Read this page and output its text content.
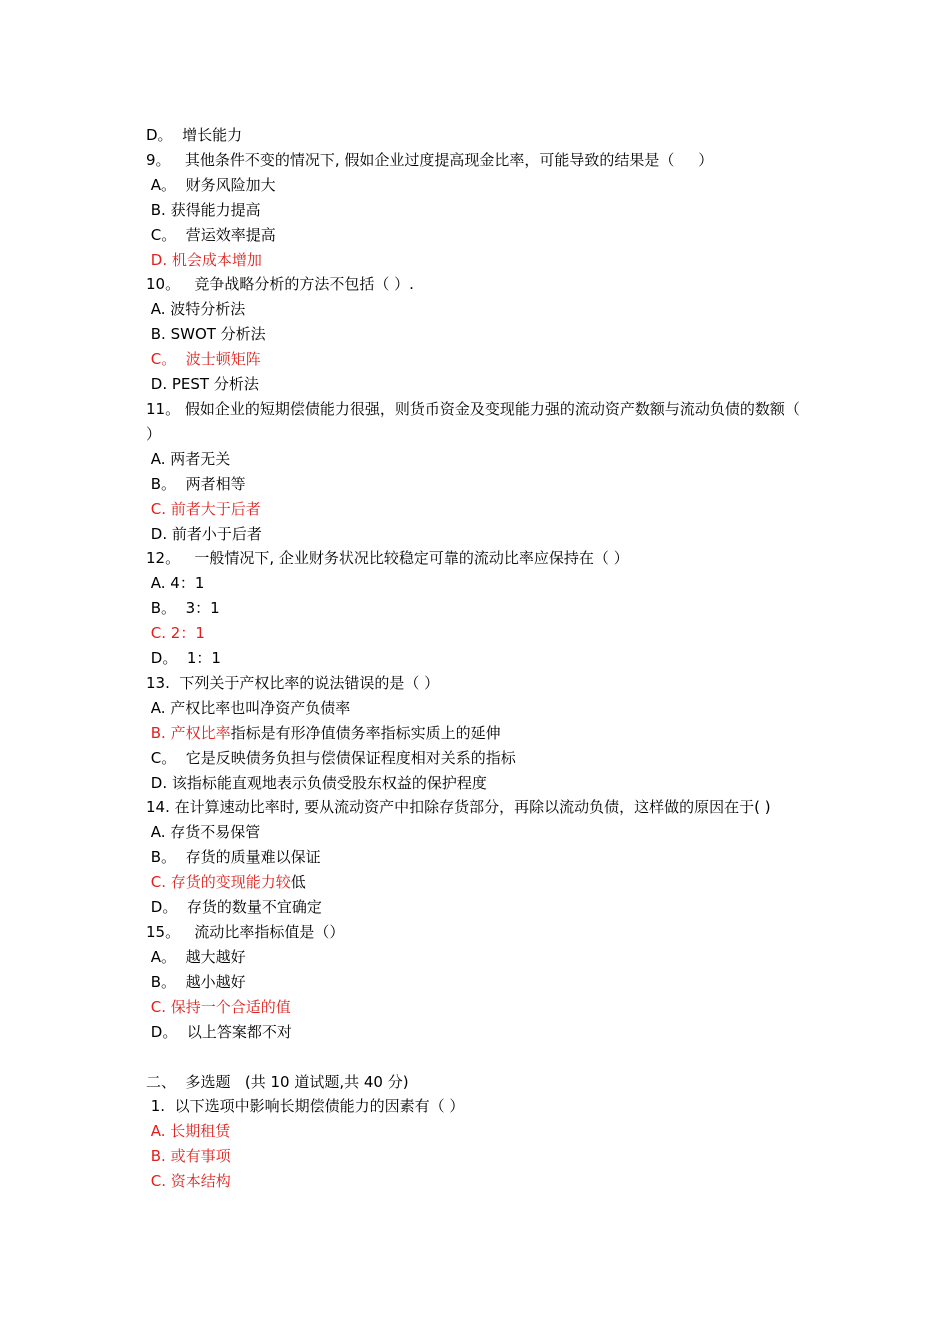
D。  增长能力
9。   其他条件不变的情况下, 假如企业过度提高现金比率，可能导致的结果是（     ）
A。  财务风险加大
B. 获得能力提高
C。  营运效率提高
D. 机会成本增加
10。   竞争战略分析的方法不包括（ ）.
A. 波特分析法
B. SWOT 分析法
C。  波士顿矩阵
D. PEST 分析法
11。 假如企业的短期偿债能力很强，则货币资金及变现能力强的流动资产数额与流动负债的数额（ ）
A. 两者无关
B。  两者相等
C. 前者大于后者
D. 前者小于后者
12。   一般情况下, 企业财务状况比较稳定可靠的流动比率应保持在（ ）
A. 4：1
B。  3：1
C. 2：1
D。  1：1
13.  下列关于产权比率的说法错误的是（ ）
A. 产权比率也叫净资产负债率
B. 产权比率指标是有形净值债务率指标实质上的延伸
C。  它是反映债务负担与偿债保证程度相对关系的指标
D. 该指标能直观地表示负债受股东权益的保护程度
14. 在计算速动比率时, 要从流动资产中扣除存货部分，再除以流动负债，这样做的原因在于( )
A. 存货不易保管
B。  存货的质量难以保证
C. 存货的变现能力较低
D。  存货的数量不宜确定
15。   流动比率指标值是（）
A。  越大越好
B。  越小越好
C. 保持一个合适的值
D。  以上答案都不对
二、  多选题   (共 10 道试题,共 40 分)
1.  以下选项中影响长期偿债能力的因素有（ ）
A. 长期租赁
B. 或有事项
C. 资本结构
